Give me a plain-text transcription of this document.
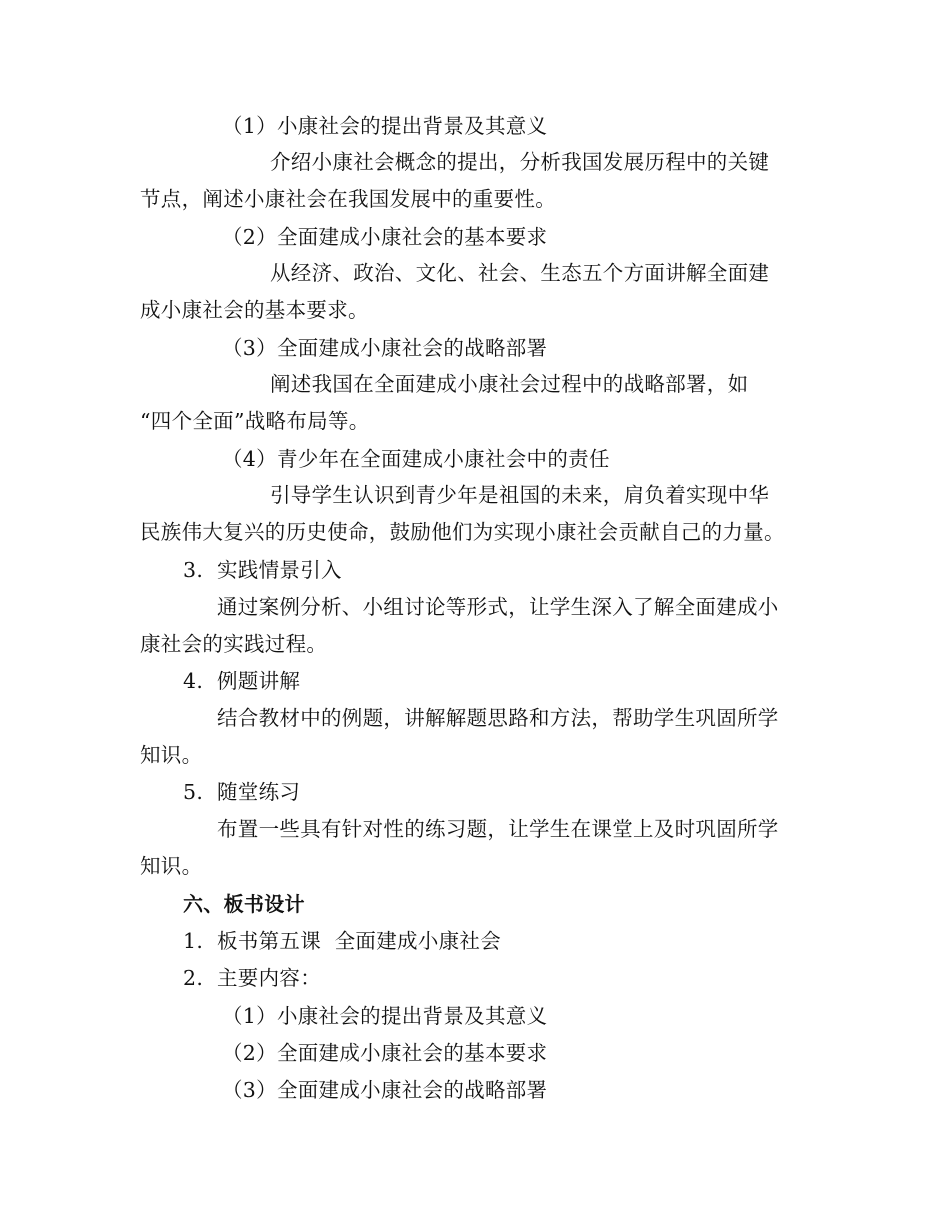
（1）小康社会的提出背景及其意义
介绍小康社会概念的提出，分析我国发展历程中的关键
节点，阐述小康社会在我国发展中的重要性。
（2）全面建成小康社会的基本要求
从经济、政治、文化、社会、生态五个方面讲解全面建
成小康社会的基本要求。
（3）全面建成小康社会的战略部署
阐述我国在全面建成小康社会过程中的战略部署，如
“四个全面”战略布局等。
（4）青少年在全面建成小康社会中的责任
引导学生认识到青少年是祖国的未来，肩负着实现中华
民族伟大复兴的历史使命，鼓励他们为实现小康社会贡献自己的力量。
3. 实践情景引入
通过案例分析、小组讨论等形式，让学生深入了解全面建成小
康社会的实践过程。
4. 例题讲解
结合教材中的例题，讲解解题思路和方法，帮助学生巩固所学
知识。
5. 随堂练习
布置一些具有针对性的练习题，让学生在课堂上及时巩固所学
知识。
六、板书设计
1. 板书第五课  全面建成小康社会
2. 主要内容：
（1）小康社会的提出背景及其意义
（2）全面建成小康社会的基本要求
（3）全面建成小康社会的战略部署
